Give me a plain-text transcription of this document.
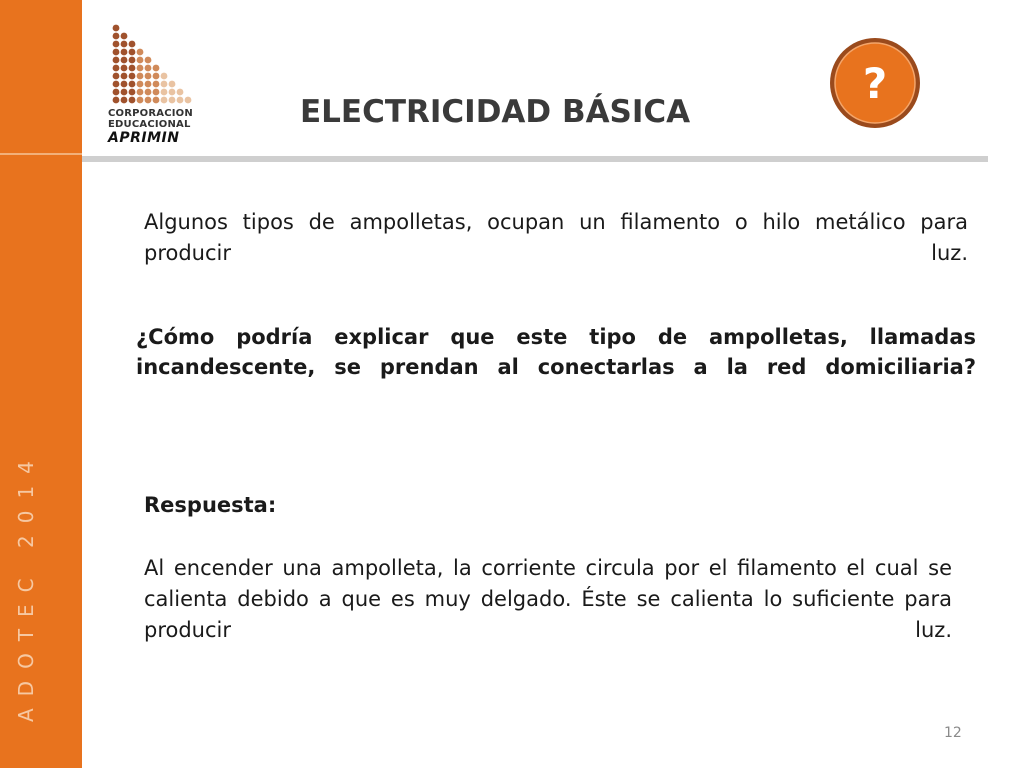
ADOTEC 2014
CORPORACION
EDUCACIONAL
APRIMIN
ELECTRICIDAD BÁSICA
?
Algunos tipos de ampolletas, ocupan un filamento o hilo metálico para producir luz.
¿Cómo podría explicar que este tipo de ampolletas, llamadas incandescente, se prendan al conectarlas a la red domiciliaria?
Respuesta:
Al encender una ampolleta, la corriente circula por el filamento el cual se calienta debido a que es muy delgado. Éste se calienta lo suficiente para producir luz.
12
